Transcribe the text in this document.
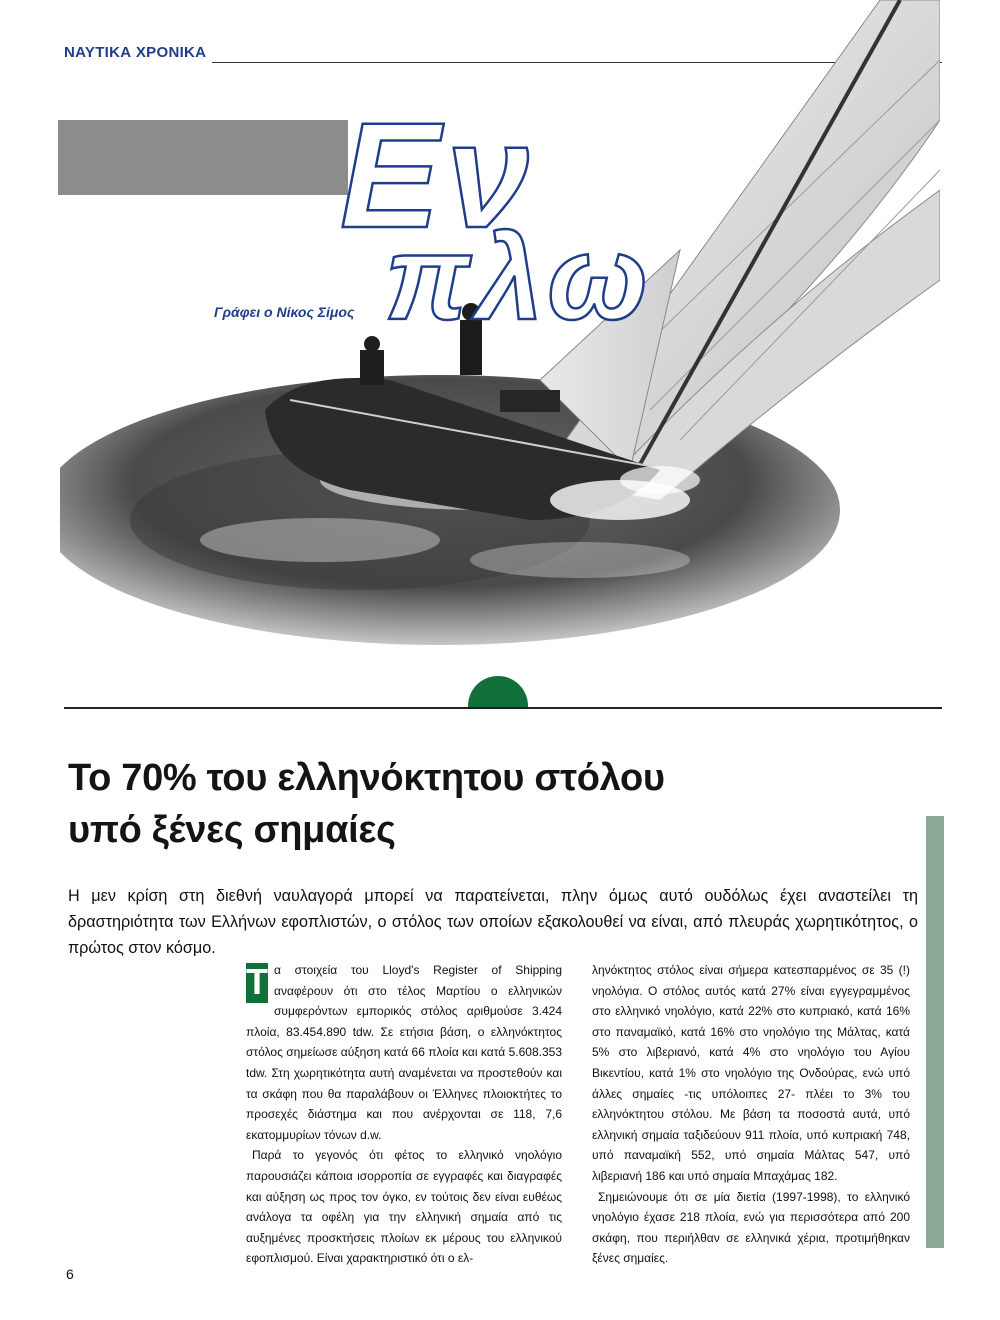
ΝΑΥΤΙΚΑ ΧΡΟΝΙΚΑ
Εν
πλω
Γράφει ο Νίκος Σίμος
Το 70% του ελληνόκτητου στόλου
υπό ξένες σημαίες
Η μεν κρίση στη διεθνή ναυλαγορά μπορεί να παρατείνεται, πλην όμως αυτό ουδόλως έχει αναστείλει τη δραστηριότητα των Ελλήνων εφοπλιστών, ο στόλος των οποίων εξακολουθεί να είναι, από πλευράς χωρητικότητος, ο πρώτος στον κόσμο.
Τ α στοιχεία του Lloyd's Register of Shipping αναφέρουν ότι στο τέλος Μαρτίου ο ελληνικών συμφερόντων εμπορικός στόλος αριθμούσε 3.424 πλοία, 83.454.890 tdw. Σε ετήσια βάση, ο ελληνόκτητος στόλος σημείωσε αύξηση κατά 66 πλοία και κατά 5.608.353 tdw. Στη χωρητικότητα αυτή αναμένεται να προστεθούν και τα σκάφη που θα παραλάβουν οι Έλληνες πλοιοκτήτες το προσεχές διάστημα και που ανέρχονται σε 118, 7,6 εκατομμυρίων τόνων d.w.
Παρά το γεγονός ότι φέτος το ελληνικό νηολόγιο παρουσιάζει κάποια ισορροπία σε εγγραφές και διαγραφές και αύξηση ως προς τον όγκο, εν τούτοις δεν είναι ευθέως ανάλογα τα οφέλη για την ελληνική σημαία από τις αυξημένες προσκτήσεις πλοίων εκ μέρους του ελληνικού εφοπλισμού. Είναι χαρακτηριστικό ότι ο ελ-
ληνόκτητος στόλος είναι σήμερα κατεσπαρμένος σε 35 (!) νηολόγια. Ο στόλος αυτός κατά 27% είναι εγγεγραμμένος στο ελληνικό νηολόγιο, κατά 22% στο κυπριακό, κατά 16% στο παναμαϊκό, κατά 16% στο νηολόγιο της Μάλτας, κατά 5% στο λιβεριανό, κατά 4% στο νηολόγιο του Αγίου Βικεντίου, κατά 1% στο νηολόγιο της Ονδούρας, ενώ υπό άλλες σημαίες -τις υπόλοιπες 27- πλέει το 3% του ελληνόκτητου στόλου. Με βάση τα ποσοστά αυτά, υπό ελληνική σημαία ταξιδεύουν 911 πλοία, υπό κυπριακή 748, υπό παναμαϊκή 552, υπό σημαία Μάλτας 547, υπό λιβεριανή 186 και υπό σημαία Μπαχάμας 182.
Σημειώνουμε ότι σε μία διετία (1997-1998), το ελληνικό νηολόγιο έχασε 218 πλοία, ενώ για περισσότερα από 200 σκάφη, που περιήλθαν σε ελληνικά χέρια, προτιμήθηκαν ξένες σημαίες.
6
